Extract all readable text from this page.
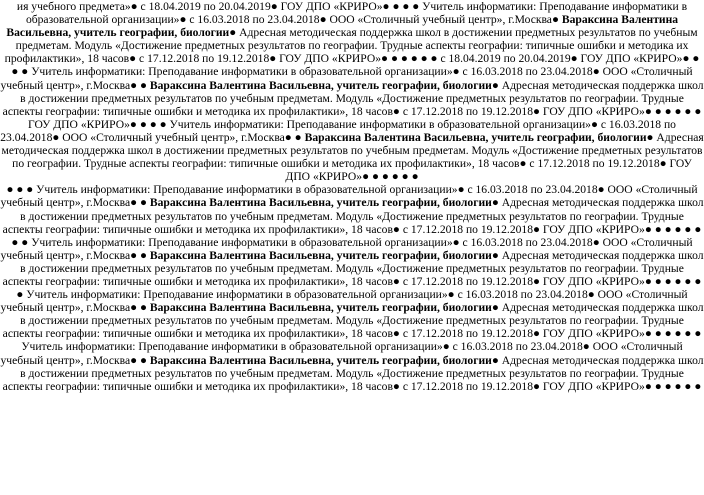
ия учебного предмета»● с 18.04.2019 по 20.04.2019● ГОУ ДПО «КРИРО»● ● ● ● Учитель информатики: Преподавание информатики в образовательной организации»● с 16.03.2018 по 23.04.2018● ООО «Столичный учебный центр», г.Москва● Вараксина Валентина Васильевна, учитель географии, биологии● Адресная методическая поддержка школ в достижении предметных результатов по учебным предметам. Модуль «Достижение предметных результатов по географии. Трудные аспекты географии: типичные ошибки и методика их профилактики», 18 часов● с 17.12.2018 по 19.12.2018● ГОУ ДПО «КРИРО»● ● ● ● ● ● с 18.04.2019 по 20.04.2019● ГОУ ДПО «КРИРО»● ● ● ● Учитель информатики: Преподавание информатики в образовательной организации»● с 16.03.2018 по 23.04.2018● ООО «Столичный учебный центр», г.Москва● ● Вараксина Валентина Васильевна, учитель географии, биологии● Адресная методическая поддержка школ в достижении предметных результатов по учебным предметам. Модуль «Достижение предметных результатов по географии. Трудные аспекты географии: типичные ошибки и методика их профилактики», 18 часов● с 17.12.2018 по 19.12.2018● ГОУ ДПО «КРИРО»● ● ● ● ● ●

ГОУ ДПО «КРИРО»● ● ● ● Учитель информатики: Преподавание информатики в образовательной организации»● с 16.03.2018 по 23.04.2018● ООО «Столичный учебный центр», г.Москва● ● Вараксина Валентина Васильевна, учитель географии, биологии● Адресная методическая поддержка школ в достижении предметных результатов по учебным предметам. Модуль «Достижение предметных результатов по географии. Трудные аспекты географии: типичные ошибки и методика их профилактики», 18 часов● с 17.12.2018 по 19.12.2018● ГОУ ДПО «КРИРО»● ● ● ● ● ●

● ● ● Учитель информатики: Преподавание информатики в образовательной организации»● с 16.03.2018 по 23.04.2018● ООО «Столичный учебный центр», г.Москва● ● Вараксина Валентина Васильевна, учитель географии, биологии● Адресная методическая поддержка школ в достижении предметных результатов по учебным предметам. Модуль «Достижение предметных результатов по географии. Трудные аспекты географии: типичные ошибки и методика их профилактики», 18 часов● с 17.12.2018 по 19.12.2018● ГОУ ДПО «КРИРО»● ● ● ● ● ●

● ● Учитель информатики: Преподавание информатики в образовательной организации»● с 16.03.2018 по 23.04.2018● ООО «Столичный учебный центр», г.Москва● ● Вараксина Валентина Васильевна, учитель географии, биологии● Адресная методическая поддержка школ в достижении предметных результатов по учебным предметам. Модуль «Достижение предметных результатов по географии. Трудные аспекты географии: типичные ошибки и методика их профилактики», 18 часов● с 17.12.2018 по 19.12.2018● ГОУ ДПО «КРИРО»● ● ● ● ● ●

● Учитель информатики: Преподавание информатики в образовательной организации»● с 16.03.2018 по 23.04.2018● ООО «Столичный учебный центр», г.Москва● ● Вараксина Валентина Васильевна, учитель географии, биологии● Адресная методическая поддержка школ в достижении предметных результатов по учебным предметам. Модуль «Достижение предметных результатов по географии. Трудные аспекты географии: типичные ошибки и методика их профилактики», 18 часов● с 17.12.2018 по 19.12.2018● ГОУ ДПО «КРИРО»● ● ● ● ● ●

Учитель информатики: Преподавание информатики в образовательной организации»● с 16.03.2018 по 23.04.2018● ООО «Столичный учебный центр», г.Москва● ● Вараксина Валентина Васильевна, учитель географии, биологии● Адресная методическая поддержка школ в достижении предметных результатов по учебным предметам. Модуль «Достижение предметных результатов по географии. Трудные аспекты географии: типичные ошибки и методика их профилактики», 18 часов● с 17.12.2018 по 19.12.2018● ГОУ ДПО «КРИРО»● ● ● ● ● ●
